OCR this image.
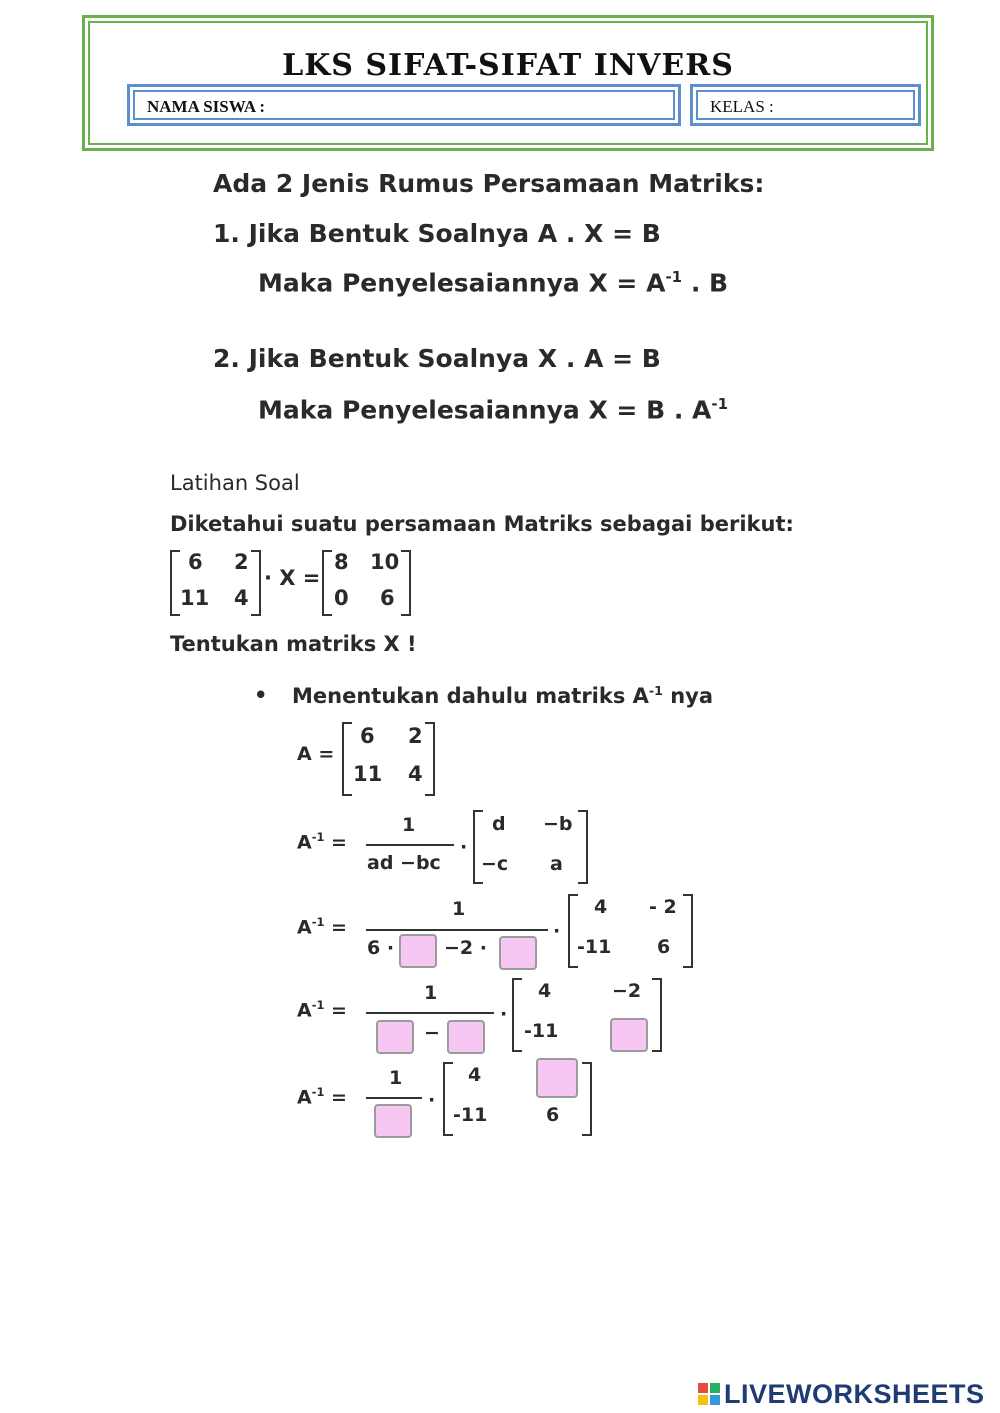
LKS SIFAT-SIFAT INVERS
NAMA SISWA :	KELAS :
Ada 2 Jenis Rumus Persamaan Matriks:
1. Jika Bentuk Soalnya A . X = B
Maka Penyelesaiannya $X = A^{-1}$ . B
2. Jika Bentuk Soalnya X . A = B
Maka Penyelesaiannya X = B . $A^{-1}$
Latihan Soal
Diketahui suatu persamaan Matriks sebagai berikut:
6 2
11 4
· X =
8 10
0 6
Tentukan matriks X !
• Menentukan dahulu matriks $A^{-1}$ nya
A =
6 2
11 4
$A^{-1}$ =
1
ad −bc
·
d −b
−c a
$A^{-1}$ =
1
6 ·	−2 ·
·
4 - 2
-11 6
$A^{-1}$ =
1
−
·
4	−2
-11
$A^{-1}$ =
1
·
4
-11	6
LIVEWORKSHEETS
